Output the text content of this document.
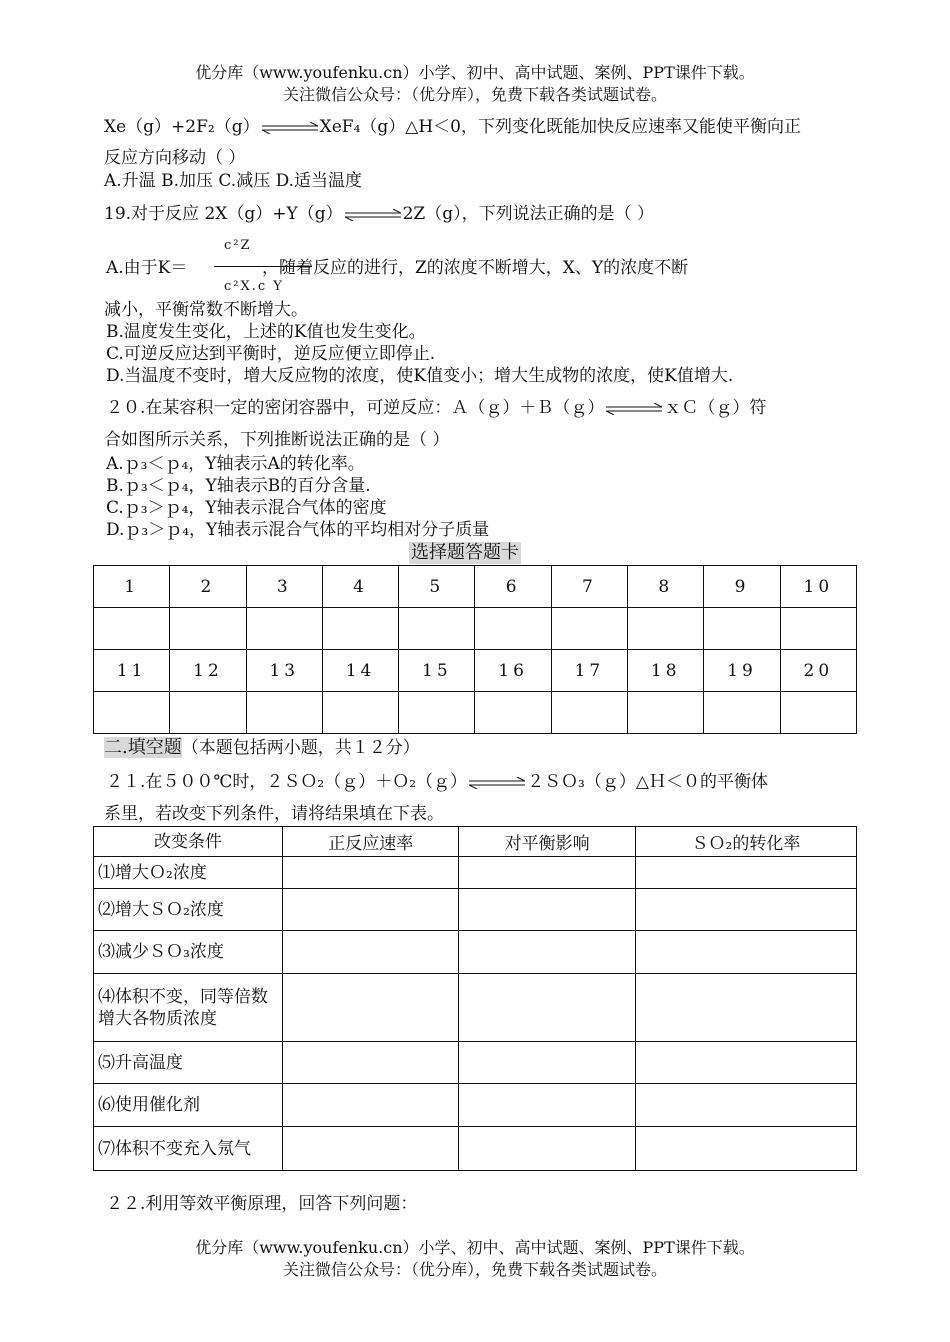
优分库（www.youfenku.cn）小学、初中、高中试题、案例、PPT课件下载。
关注微信公众号：（优分库），免费下载各类试题试卷。
Xe（g）+2F₂（g） ⇌ XeF₄（g）△H＜0，下列变化既能加快反应速率又能使平衡向正
反应方向移动（ ）
A.升温 B.加压 C.减压 D.适当温度
19.对于反应 2X（g）+Y（g） ⇌ 2Z（g），下列说法正确的是（ ）
c²Z
c²X.c Y
A.由于K＝	，随着反应的进行，Z的浓度不断增大，X、Y的浓度不断
减小，平衡常数不断增大。
B.温度发生变化，上述的K值也发生变化。
C.可逆反应达到平衡时，逆反应便立即停止.
D.当温度不变时，增大反应物的浓度，使K值变小；增大生成物的浓度，使K值增大.
２０.在某容积一定的密闭容器中，可逆反应：Ａ（ｇ）＋Ｂ（ｇ） ⇌ ｘＣ（ｇ）符
合如图所示关系，下列推断说法正确的是（ ）
A.ｐ₃＜ｐ₄，Y轴表示A的转化率。
B.ｐ₃＜ｐ₄，Y轴表示B的百分含量.
C.ｐ₃＞ｐ₄，Y轴表示混合气体的密度
D.ｐ₃＞ｐ₄，Y轴表示混合气体的平均相对分子质量
选择题答题卡
1	2	3	4	5	6	7	8	9	10

11	12	13	14	15	16	17	18	19	20

二.填空题（本题包括两小题，共１２分）
２１.在５００℃时，２ＳＯ₂（ｇ）＋Ｏ₂（ｇ） ⇌ ２ＳＯ₃（ｇ）△Ｈ＜０的平衡体
系里，若改变下列条件，请将结果填在下表。
改变条件	正反应速率	对平衡影响	ＳＯ₂的转化率
⑴增大Ｏ₂浓度			
⑵增大ＳＯ₂浓度			
⑶减少ＳＯ₃浓度			
⑷体积不变，同等倍数增大各物质浓度			
⑸升高温度			
⑹使用催化剂			
⑺体积不变充入氖气			
２２.利用等效平衡原理，回答下列问题：
优分库（www.youfenku.cn）小学、初中、高中试题、案例、PPT课件下载。
关注微信公众号：（优分库），免费下载各类试题试卷。
